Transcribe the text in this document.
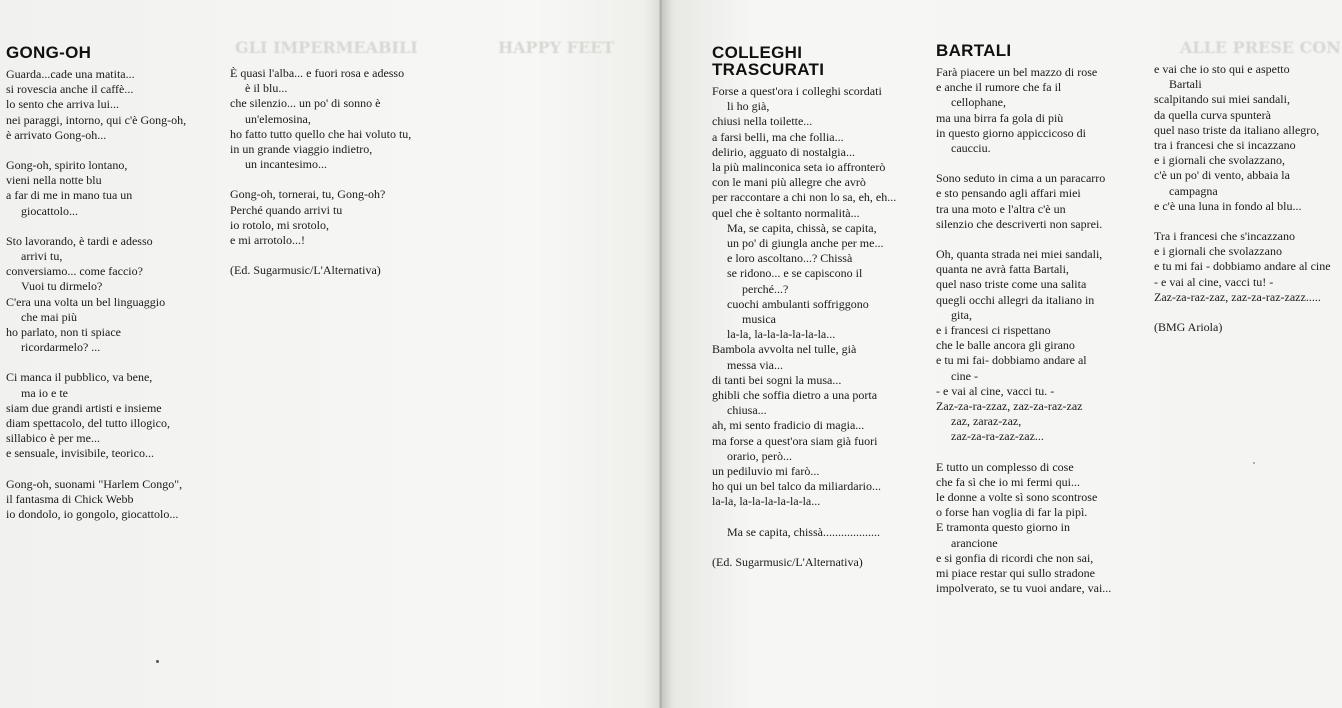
HAPPY FEET
GLI IMPERMEABILI	ALLE PRESE CON
GONG-OH
Guarda...cade una matita...
si rovescia anche il caffè...
lo sento che arriva lui...
nei paraggi, intorno, qui c'è Gong-oh,
è arrivato Gong-oh...
Gong-oh, spirito lontano,
vieni nella notte blu
a far di me in mano tua un
giocattolo...
Sto lavorando, è tardi e adesso
arrivi tu,
conversiamo... come faccio?
Vuoi tu dirmelo?
C'era una volta un bel linguaggio
che mai più
ho parlato, non ti spiace
ricordarmelo? ...
Ci manca il pubblico, va bene,
ma io e te
siam due grandi artisti e insieme
diam spettacolo, del tutto illogico,
sillabico è per me...
e sensuale, invisibile, teorico...
Gong-oh, suonami "Harlem Congo",
il fantasma di Chick Webb
io dondolo, io gongolo, giocattolo...
È quasi l'alba... e fuori rosa e adesso
è il blu...
che silenzio... un po' di sonno è
un'elemosina,
ho fatto tutto quello che hai voluto tu,
in un grande viaggio indietro,
un incantesimo...
Gong-oh, tornerai, tu, Gong-oh?
Perché quando arrivi tu
io rotolo, mi srotolo,
e mi arrotolo...!
(Ed. Sugarmusic/L'Alternativa)
COLLEGHI
TRASCURATI
Forse a quest'ora i colleghi scordati
li ho già,
chiusi nella toilette...
a farsi belli, ma che follia...
delirio, agguato di nostalgia...
la più malinconica seta io affronterò
con le mani più allegre che avrò
per raccontare a chi non lo sa, eh, eh...
quel che è soltanto normalità...
Ma, se capita, chissà, se capita,
un po' di giungla anche per me...
e loro ascoltano...? Chissà
se ridono... e se capiscono il
perché...?
cuochi ambulanti soffriggono
musica
la-la, la-la-la-la-la-la...
Bambola avvolta nel tulle, già
messa via...
di tanti bei sogni la musa...
ghibli che soffia dietro a una porta
chiusa...
ah, mi sento fradicio di magia...
ma forse a quest'ora siam già fuori
orario, però...
un pediluvio mi farò...
ho qui un bel talco da miliardario...
la-la, la-la-la-la-la-la...
Ma se capita, chissà...................
(Ed. Sugarmusic/L'Alternativa)
BARTALI
Farà piacere un bel mazzo di rose
e anche il rumore che fa il
cellophane,
ma una birra fa gola di più
in questo giorno appiccicoso di
caucciu.
Sono seduto in cima a un paracarro
e sto pensando agli affari miei
tra una moto e l'altra c'è un
silenzio che descriverti non saprei.
Oh, quanta strada nei miei sandali,
quanta ne avrà fatta Bartali,
quel naso triste come una salita
quegli occhi allegri da italiano in
gita,
e i francesi ci rispettano
che le balle ancora gli girano
e tu mi fai- dobbiamo andare al
cine -
- e vai al cine, vacci tu. -
Zaz-za-ra-zzaz, zaz-za-raz-zaz
zaz, zaraz-zaz,
zaz-za-ra-zaz-zaz...
E tutto un complesso di cose
che fa sì che io mi fermi qui...
le donne a volte sì sono scontrose
o forse han voglia di far la pipì.
E tramonta questo giorno in
arancione
e si gonfia di ricordi che non sai,
mi piace restar qui sullo stradone
impolverato, se tu vuoi andare, vai...
e vai che io sto qui e aspetto
Bartali
scalpitando sui miei sandali,
da quella curva spunterà
quel naso triste da italiano allegro,
tra i francesi che si incazzano
e i giornali che svolazzano,
c'è un po' di vento, abbaia la
campagna
e c'è una luna in fondo al blu...
Tra i francesi che s'incazzano
e i giornali che svolazzano
e tu mi fai - dobbiamo andare al cine
- e vai al cine, vacci tu! -
Zaz-za-raz-zaz, zaz-za-raz-zazz.....
(BMG Ariola)
